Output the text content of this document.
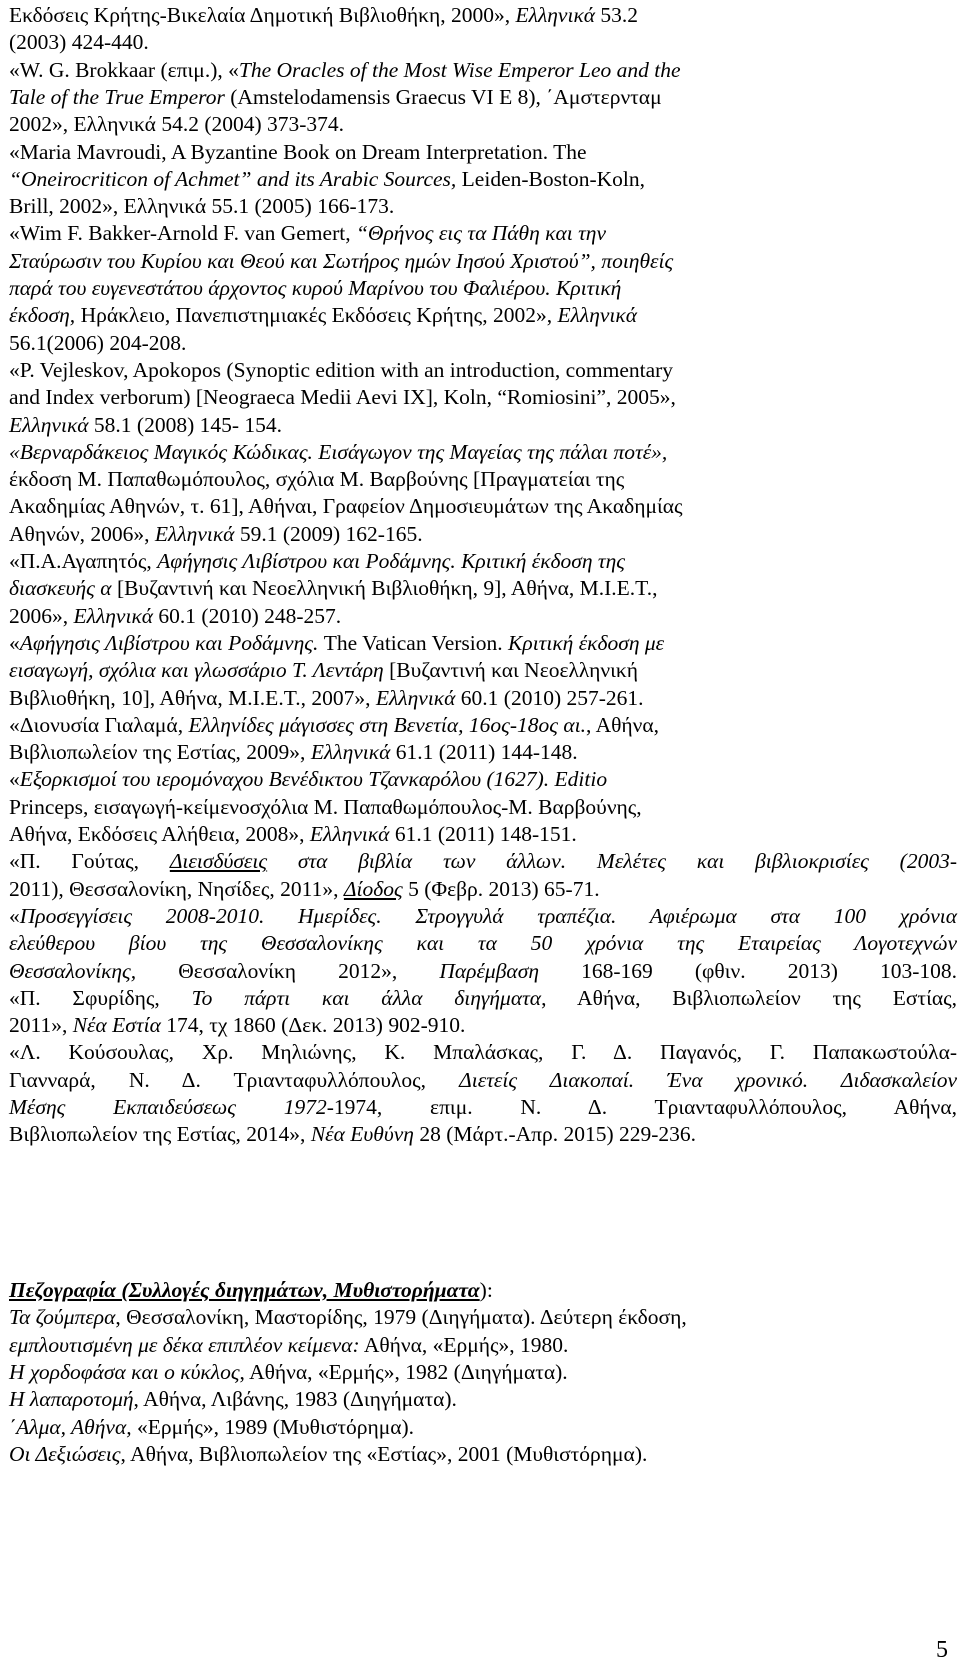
Εκδόσεις Κρήτης-Βικελαία Δημοτική Βιβλιοθήκη, 2000», Ελληνικά 53.2
(2003) 424-440.
«W. G. Brokkaar (επιμ.), «The Oracles of the Most Wise Emperor Leo and the
Tale of the True Emperor (Amstelodamensis Graecus VI E 8), ΄Αμστερνταμ
2002», Ελληνικά 54.2 (2004) 373-374.
«Maria Mavroudi, A Byzantine Book on Dream Interpretation. The
“Oneirocriticon of Achmet” and its Arabic Sources, Leiden-Boston-Koln,
Brill, 2002», Ελληνικά 55.1 (2005) 166-173.
«Wim F. Bakker-Arnold F. van Gemert, “Θρήνος εις τα Πάθη και την
Σταύρωσιν του Κυρίου και Θεού και Σωτήρος ημών Ιησού Χριστού”, ποιηθείς
παρά του ευγενεστάτου άρχοντος κυρού Μαρίνου του Φαλιέρου. Κριτική
έκδοση, Ηράκλειο, Πανεπιστημιακές Εκδόσεις Κρήτης, 2002», Ελληνικά
56.1(2006) 204-208.
«P. Vejleskov, Apokopos (Synoptic edition with an introduction, commentary
and Index verborum) [Neograeca Medii Aevi IX], Koln, “Romiosini”, 2005»,
Ελληνικά 58.1 (2008) 145- 154.
«Βερναρδάκειος Μαγικός Κώδικας. Εισάγωγον της Μαγείας της πάλαι ποτέ»,
έκδοση Μ. Παπαθωμόπουλος, σχόλια Μ. Βαρβούνης [Πραγματείαι της
Ακαδημίας Αθηνών, τ. 61], Αθήναι, Γραφείον Δημοσιευμάτων της Ακαδημίας
Αθηνών, 2006», Ελληνικά 59.1 (2009) 162-165.
«Π.Α.Αγαπητός, Αφήγησις Λιβίστρου και Ροδάμνης. Κριτική έκδοση της
διασκευής α [Βυζαντινή και Νεοελληνική Βιβλιοθήκη, 9], Αθήνα, Μ.Ι.Ε.Τ.,
2006», Ελληνικά 60.1 (2010) 248-257.
«Αφήγησις Λιβίστρου και Ροδάμνης. The Vatican Version. Κριτική έκδοση με
εισαγωγή, σχόλια και γλωσσάριο Τ. Λεντάρη [Βυζαντινή και Νεοελληνική
Βιβλιοθήκη, 10], Αθήνα, Μ.Ι.Ε.Τ., 2007», Ελληνικά 60.1 (2010) 257-261.
«Διονυσία Γιαλαμά, Ελληνίδες μάγισσες στη Βενετία, 16ος-18ος αι., Αθήνα,
Βιβλιοπωλείον της Εστίας, 2009», Ελληνικά 61.1 (2011) 144-148.
«Εξορκισμοί του ιερομόναχου Βενέδικτου Τζανκαρόλου (1627). Editio
Princeps, εισαγωγή-κείμενοσχόλια Μ. Παπαθωμόπουλος-Μ. Βαρβούνης,
Αθήνα, Εκδόσεις Αλήθεια, 2008», Ελληνικά 61.1 (2011) 148-151.
«Π. Γούτας, Διεισδύσεις στα βιβλία των άλλων. Μελέτες και βιβλιοκρισίες (2003-
2011), Θεσσαλονίκη, Νησίδες, 2011», Δίοδος 5 (Φεβρ. 2013) 65-71.
«Προσεγγίσεις 2008-2010. Ημερίδες. Στρογγυλά τραπέζια. Αφιέρωμα στα 100 χρόνια
ελεύθερου βίου της Θεσσαλονίκης και τα 50 χρόνια της Εταιρείας Λογοτεχνών
Θεσσαλονίκης, Θεσσαλονίκη 2012», Παρέμβαση 168-169 (φθιν. 2013) 103-108.
«Π. Σφυρίδης, Το πάρτι και άλλα διηγήματα, Αθήνα, Βιβλιοπωλείον της Εστίας,
2011», Νέα Εστία 174, τχ 1860 (Δεκ. 2013) 902-910.
«Λ. Κούσουλας, Χρ. Μηλιώνης, Κ. Μπαλάσκας, Γ. Δ. Παγανός, Γ. Παπακωστούλα-
Γιανναρά, Ν. Δ. Τριανταφυλλόπουλος, Διετείς Διακοπαί. Ένα χρονικό. Διδασκαλείον
Μέσης Εκπαιδεύσεως 1972-1974, επιμ. Ν. Δ. Τριανταφυλλόπουλος, Αθήνα,
Βιβλιοπωλείον της Εστίας, 2014», Νέα Ευθύνη 28 (Μάρτ.-Απρ. 2015) 229-236.
Πεζογραφία (Συλλογές διηγημάτων, Μυθιστορήματα):
Τα ζούμπερα, Θεσσαλονίκη, Μαστορίδης, 1979 (Διηγήματα). Δεύτερη έκδοση,
εμπλουτισμένη με δέκα επιπλέον κείμενα: Αθήνα, «Ερμής», 1980.
Η χορδοφάσα και ο κύκλος, Αθήνα, «Ερμής», 1982 (Διηγήματα).
Η λαπαροτομή, Αθήνα, Λιβάνης, 1983 (Διηγήματα).
΄Αλμα, Αθήνα, «Ερμής», 1989 (Μυθιστόρημα).
Οι Δεξιώσεις, Αθήνα, Βιβλιοπωλείον της «Εστίας», 2001 (Μυθιστόρημα).
5
